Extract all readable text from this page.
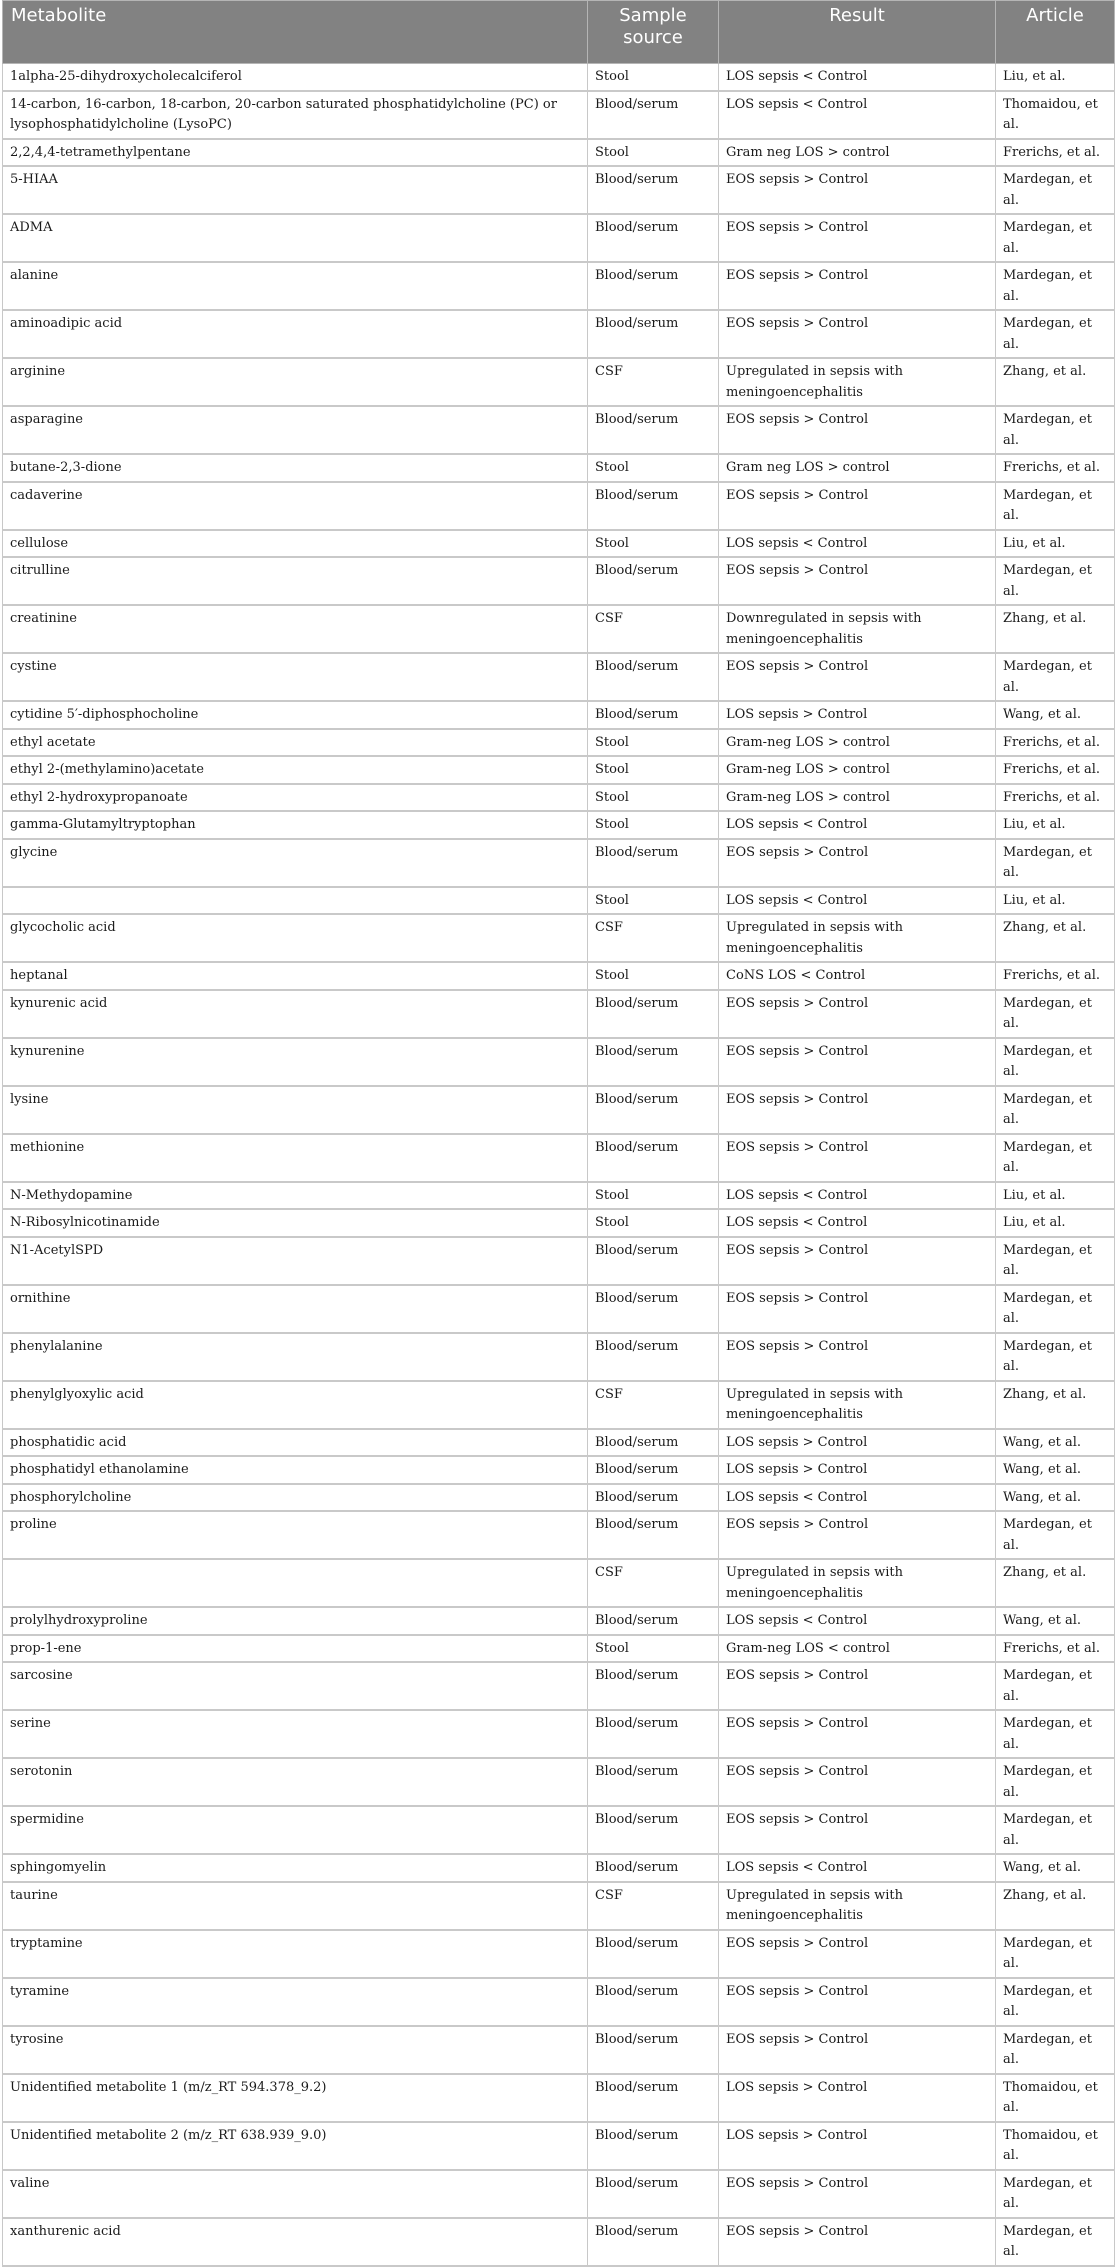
Metabolite	Sample source	Result	Article
1alpha-25-dihydroxycholecalciferol	Stool	LOS sepsis < Control	Liu, et al.
14-carbon, 16-carbon, 18-carbon, 20-carbon saturated phosphatidylcholine (PC) or lysophosphatidylcholine (LysoPC)	Blood/serum	LOS sepsis < Control	Thomaidou, et al.
2,2,4,4-tetramethylpentane	Stool	Gram neg LOS > control	Frerichs, et al.
5-HIAA	Blood/serum	EOS sepsis > Control	Mardegan, et al.
ADMA	Blood/serum	EOS sepsis > Control	Mardegan, et al.
alanine	Blood/serum	EOS sepsis > Control	Mardegan, et al.
aminoadipic acid	Blood/serum	EOS sepsis > Control	Mardegan, et al.
arginine	CSF	Upregulated in sepsis with meningoencephalitis	Zhang, et al.
asparagine	Blood/serum	EOS sepsis > Control	Mardegan, et al.
butane-2,3-dione	Stool	Gram neg LOS > control	Frerichs, et al.
cadaverine	Blood/serum	EOS sepsis > Control	Mardegan, et al.
cellulose	Stool	LOS sepsis < Control	Liu, et al.
citrulline	Blood/serum	EOS sepsis > Control	Mardegan, et al.
creatinine	CSF	Downregulated in sepsis with meningoencephalitis	Zhang, et al.
cystine	Blood/serum	EOS sepsis > Control	Mardegan, et al.
cytidine 5′-diphosphocholine	Blood/serum	LOS sepsis > Control	Wang, et al.
ethyl acetate	Stool	Gram-neg LOS > control	Frerichs, et al.
ethyl 2-(methylamino)acetate	Stool	Gram-neg LOS > control	Frerichs, et al.
ethyl 2-hydroxypropanoate	Stool	Gram-neg LOS > control	Frerichs, et al.
gamma-Glutamyltryptophan	Stool	LOS sepsis < Control	Liu, et al.
glycine	Blood/serum	EOS sepsis > Control	Mardegan, et al.
	Stool	LOS sepsis < Control	Liu, et al.
glycocholic acid	CSF	Upregulated in sepsis with meningoencephalitis	Zhang, et al.
heptanal	Stool	CoNS LOS < Control	Frerichs, et al.
kynurenic acid	Blood/serum	EOS sepsis > Control	Mardegan, et al.
kynurenine	Blood/serum	EOS sepsis > Control	Mardegan, et al.
lysine	Blood/serum	EOS sepsis > Control	Mardegan, et al.
methionine	Blood/serum	EOS sepsis > Control	Mardegan, et al.
N-Methydopamine	Stool	LOS sepsis < Control	Liu, et al.
N-Ribosylnicotinamide	Stool	LOS sepsis < Control	Liu, et al.
N1-AcetylSPD	Blood/serum	EOS sepsis > Control	Mardegan, et al.
ornithine	Blood/serum	EOS sepsis > Control	Mardegan, et al.
phenylalanine	Blood/serum	EOS sepsis > Control	Mardegan, et al.
phenylglyoxylic acid	CSF	Upregulated in sepsis with meningoencephalitis	Zhang, et al.
phosphatidic acid	Blood/serum	LOS sepsis > Control	Wang, et al.
phosphatidyl ethanolamine	Blood/serum	LOS sepsis > Control	Wang, et al.
phosphorylcholine	Blood/serum	LOS sepsis < Control	Wang, et al.
proline	Blood/serum	EOS sepsis > Control	Mardegan, et al.
	CSF	Upregulated in sepsis with meningoencephalitis	Zhang, et al.
prolylhydroxyproline	Blood/serum	LOS sepsis < Control	Wang, et al.
prop-1-ene	Stool	Gram-neg LOS < control	Frerichs, et al.
sarcosine	Blood/serum	EOS sepsis > Control	Mardegan, et al.
serine	Blood/serum	EOS sepsis > Control	Mardegan, et al.
serotonin	Blood/serum	EOS sepsis > Control	Mardegan, et al.
spermidine	Blood/serum	EOS sepsis > Control	Mardegan, et al.
sphingomyelin	Blood/serum	LOS sepsis < Control	Wang, et al.
taurine	CSF	Upregulated in sepsis with meningoencephalitis	Zhang, et al.
tryptamine	Blood/serum	EOS sepsis > Control	Mardegan, et al.
tyramine	Blood/serum	EOS sepsis > Control	Mardegan, et al.
tyrosine	Blood/serum	EOS sepsis > Control	Mardegan, et al.
Unidentified metabolite 1 (m/z_RT 594.378_9.2)	Blood/serum	LOS sepsis > Control	Thomaidou, et al.
Unidentified metabolite 2 (m/z_RT 638.939_9.0)	Blood/serum	LOS sepsis > Control	Thomaidou, et al.
valine	Blood/serum	EOS sepsis > Control	Mardegan, et al.
xanthurenic acid	Blood/serum	EOS sepsis > Control	Mardegan, et al.
